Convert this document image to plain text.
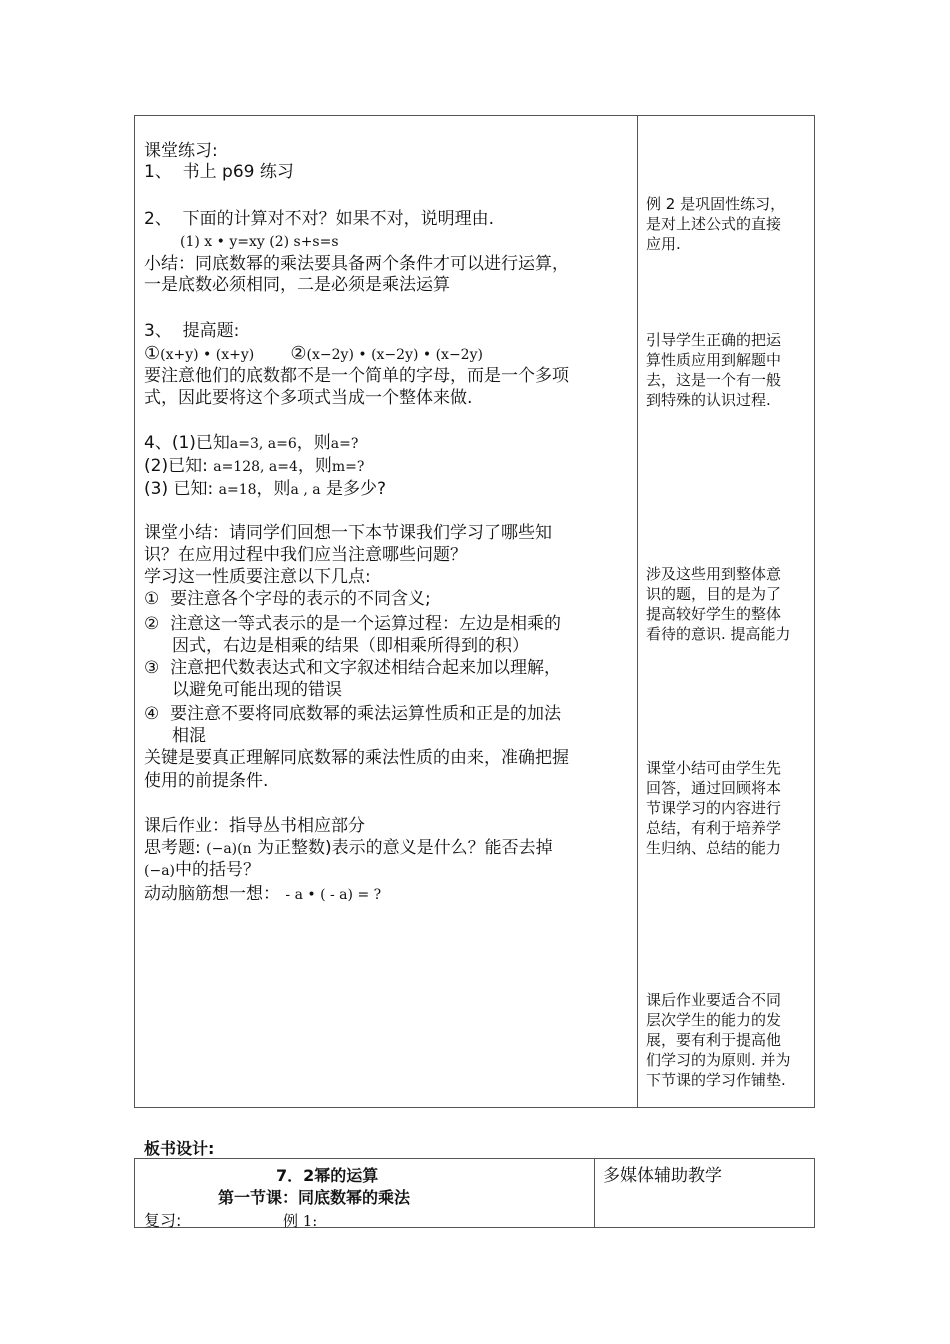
课堂练习:
1、 书上 p69 练习
2、 下面的计算对不对？如果不对，说明理由.
(1) x • y=xy (2) s+s=s
小结：同底数幂的乘法要具备两个条件才可以进行运算，
一是底数必须相同，二是必须是乘法运算
3、 提高题:
①(x+y) • (x+y) ②(x−2y) • (x−2y) • (x−2y)
要注意他们的底数都不是一个简单的字母，而是一个多项
式，因此要将这个多项式当成一个整体来做.
4、(1)已知a=3, a=6，则a=?
(2)已知: a=128, a=4，则m=?
(3) 已知: a=18，则a , a 是多少?
课堂小结：请同学们回想一下本节课我们学习了哪些知
识？在应用过程中我们应当注意哪些问题？
学习这一性质要注意以下几点:
① 要注意各个字母的表示的不同含义;
② 注意这一等式表示的是一个运算过程：左边是相乘的
因式，右边是相乘的结果（即相乘所得到的积）
③ 注意把代数表达式和文字叙述相结合起来加以理解，
以避免可能出现的错误
④ 要注意不要将同底数幂的乘法运算性质和正是的加法
相混
关键是要真正理解同底数幂的乘法性质的由来，准确把握
使用的前提条件.
课后作业：指导丛书相应部分
思考题: (−a)(n 为正整数)表示的意义是什么？能否去掉
(−a)中的括号？
动动脑筋想一想： - a • ( - a) = ?
例 2 是巩固性练习，
是对上述公式的直接
应用.
引导学生正确的把运
算性质应用到解题中
去，这是一个有一般
到特殊的认识过程.
涉及这些用到整体意
识的题，目的是为了
提高较好学生的整体
看待的意识. 提高能力
课堂小结可由学生先
回答，通过回顾将本
节课学习的内容进行
总结，有利于培养学
生归纳、总结的能力
课后作业要适合不同
层次学生的能力的发
展，要有利于提高他
们学习的为原则. 并为
下节课的学习作铺垫.
板书设计:
7．2幂的运算
第一节课：同底数幂的乘法
复习:	例 1:
多媒体辅助教学
